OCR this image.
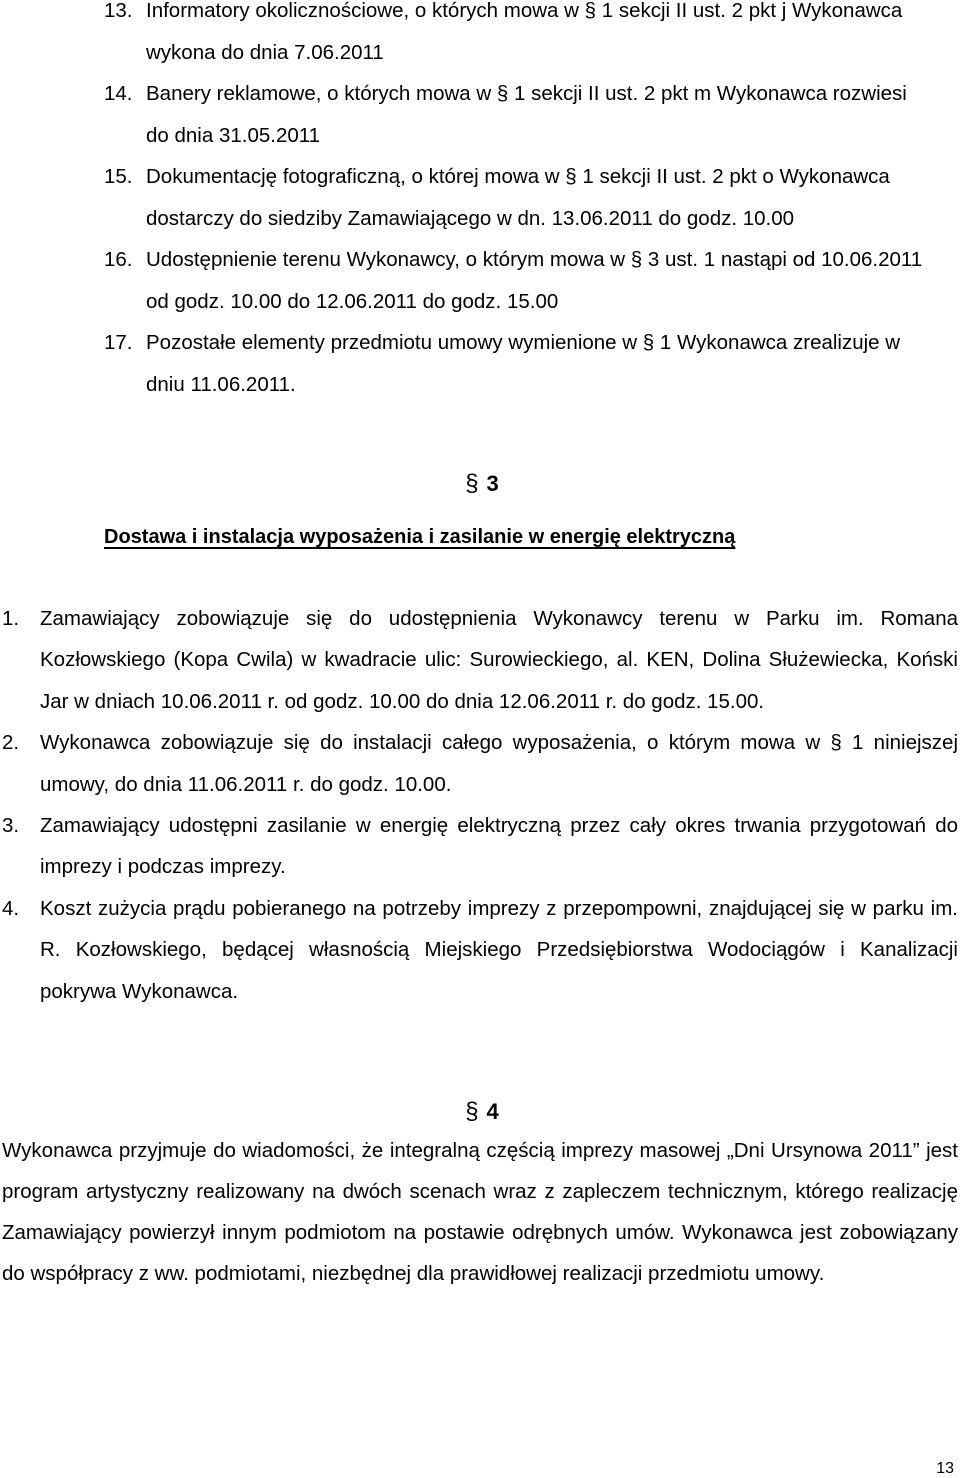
13. Informatory okolicznościowe, o których mowa w § 1 sekcji II ust. 2 pkt j Wykonawca wykona do dnia 7.06.2011
14. Banery reklamowe, o których mowa w § 1 sekcji II ust. 2 pkt m Wykonawca rozwiesi do dnia 31.05.2011
15. Dokumentację fotograficzną, o której mowa w § 1 sekcji II ust. 2 pkt o Wykonawca dostarczy do siedziby Zamawiającego w dn. 13.06.2011 do godz. 10.00
16. Udostępnienie terenu Wykonawcy, o którym mowa w § 3 ust. 1 nastąpi od 10.06.2011 od godz. 10.00 do 12.06.2011 do godz. 15.00
17. Pozostałe elementy przedmiotu umowy wymienione w § 1 Wykonawca zrealizuje w dniu 11.06.2011.
§ 3
Dostawa i instalacja wyposażenia i zasilanie w energię elektryczną
1.	Zamawiający zobowiązuje się do udostępnienia Wykonawcy terenu w Parku im. Romana Kozłowskiego (Kopa Cwila) w kwadracie ulic: Surowieckiego, al. KEN, Dolina Służewiecka, Koński Jar w dniach 10.06.2011 r. od godz. 10.00 do dnia 12.06.2011 r. do godz. 15.00.
2.	Wykonawca zobowiązuje się do instalacji całego wyposażenia, o którym mowa w § 1 niniejszej umowy, do dnia 11.06.2011 r. do godz. 10.00.
3.	Zamawiający udostępni zasilanie w energię elektryczną przez cały okres trwania przygotowań do imprezy i podczas imprezy.
4.	Koszt zużycia prądu pobieranego na potrzeby imprezy z przepompowni, znajdującej się w parku im. R. Kozłowskiego, będącej własnością Miejskiego Przedsiębiorstwa Wodociągów i Kanalizacji pokrywa Wykonawca.
§ 4
Wykonawca przyjmuje do wiadomości, że integralną częścią imprezy masowej „Dni Ursynowa 2011” jest program artystyczny realizowany na dwóch scenach wraz z zapleczem technicznym, którego realizację Zamawiający powierzył innym podmiotom na postawie odrębnych umów. Wykonawca jest zobowiązany do współpracy z ww. podmiotami, niezbędnej dla prawidłowej realizacji przedmiotu umowy.
13
